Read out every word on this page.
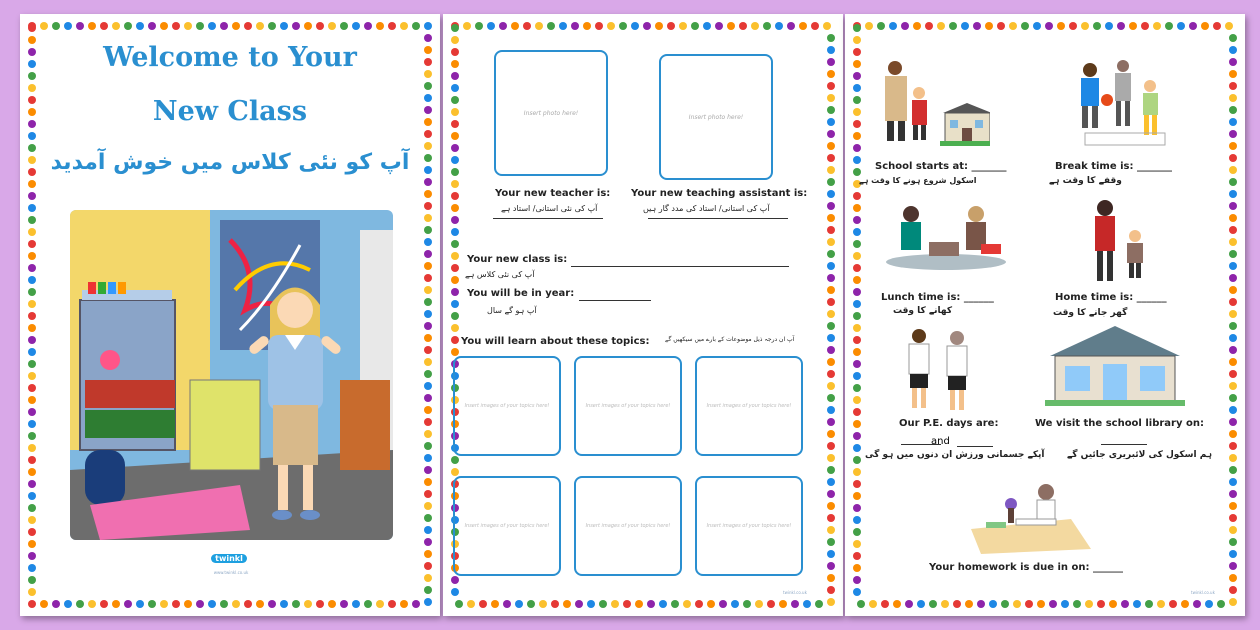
Welcome to Your
New Class
آپ کو نئی کلاس میں خوش آمدید
twinkl
www.twinkl.co.uk
Insert photo here!
Insert photo here!
Your new teacher is:
آپ کی نئی استانی/ استاد ہے
Your new teaching assistant is:
آپ کی استانی/ استاد کی مدد گار ہیں
Your new class is:
آپ کی نئی کلاس ہے
You will be in year:
آپ ہو گے سال
You will learn about these topics:	آپ ان درجہ ذیل موضوعات کے بارے میں سیکھیں گے
Insert images of your topics here!	Insert images of your topics here!	Insert images of your topics here!
Insert images of your topics here!	Insert images of your topics here!	Insert images of your topics here!
twinkl.co.uk
School starts at: _______
اسکول شروع ہونے کا وقت ہے
Break time is: _______
وقفے کا وقت ہے
Lunch time is: ______
کھانے کا وقت
Home time is: ______
گھر جانے کا وقت
Our P.E. days are:	We visit the school library on:
and
ہم اسکول کی لائبریری جائیں گے
آپکے جسمانی ورزش ان دنوں میں ہو گی
Your homework is due in on: ______
twinkl.co.uk
